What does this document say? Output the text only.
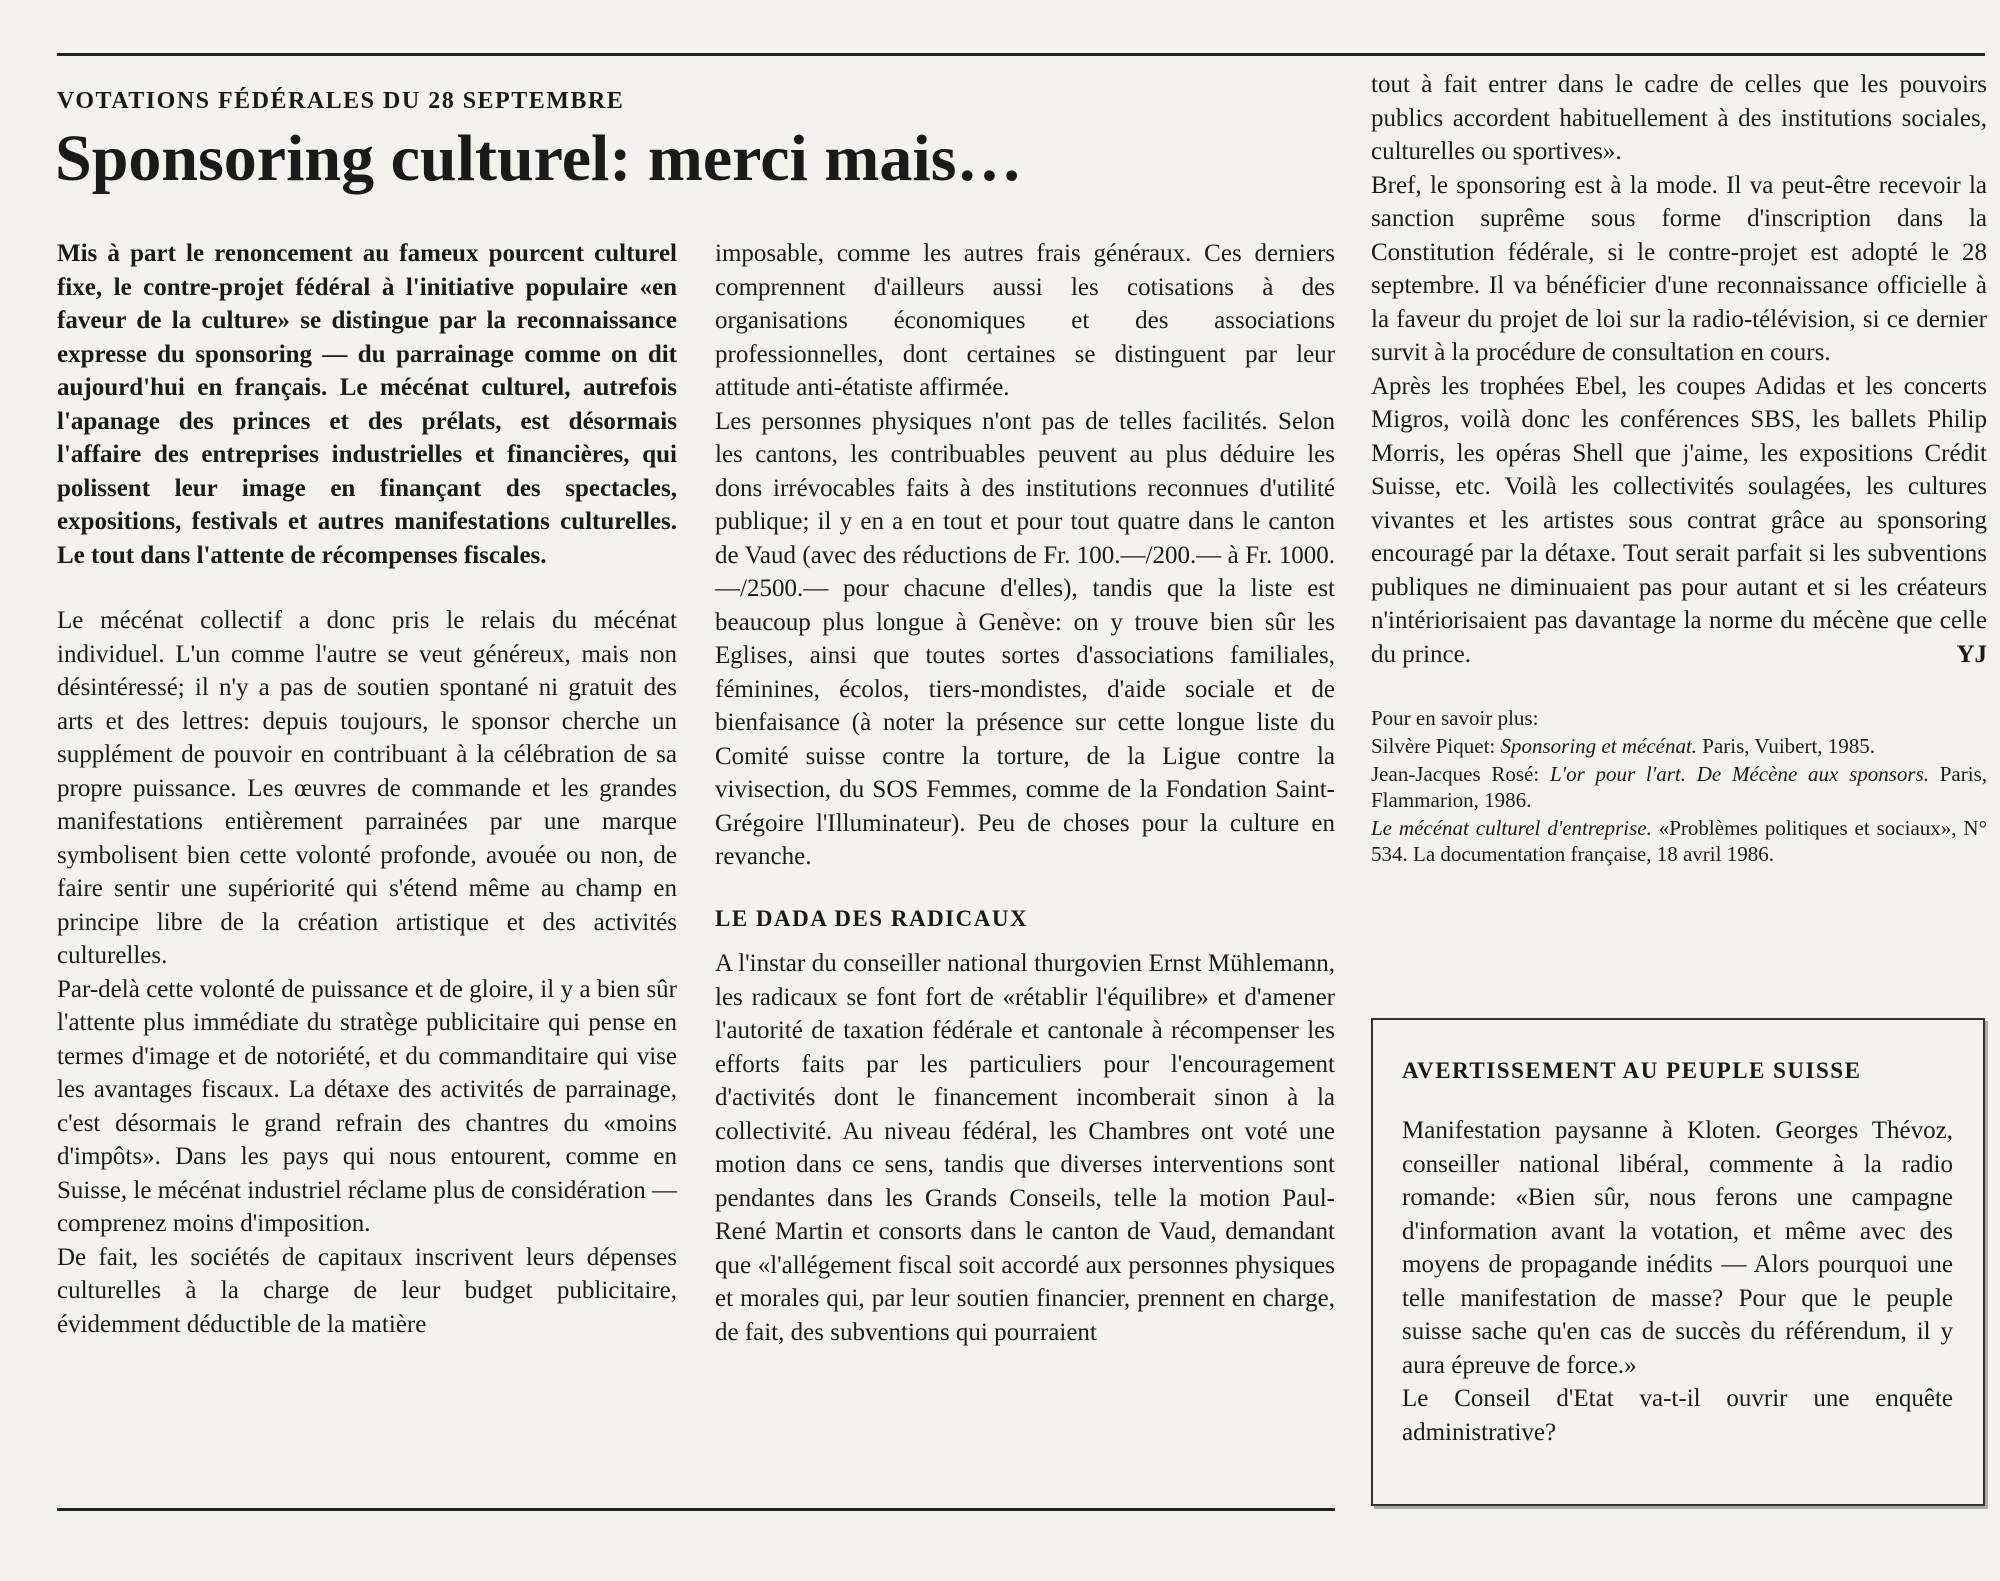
VOTATIONS FÉDÉRALES DU 28 SEPTEMBRE
Sponsoring culturel: merci mais…

Mis à part le renoncement au fameux pourcent culturel fixe, le contre-projet fédéral à l'initiative populaire «en faveur de la culture» se distingue par la reconnaissance expresse du sponsoring — du parrainage comme on dit aujourd'hui en français. Le mécénat culturel, autrefois l'apanage des princes et des prélats, est désormais l'affaire des entreprises industrielles et financières, qui polissent leur image en finançant des spectacles, expositions, festivals et autres manifestations culturelles. Le tout dans l'attente de récompenses fiscales.

Le mécénat collectif a donc pris le relais du mécénat individuel. L'un comme l'autre se veut généreux, mais non désintéressé; il n'y a pas de soutien spontané ni gratuit des arts et des lettres: depuis toujours, le sponsor cherche un supplément de pouvoir en contribuant à la célébration de sa propre puissance. Les œuvres de commande et les grandes manifestations entièrement parrainées par une marque symbolisent bien cette volonté profonde, avouée ou non, de faire sentir une supériorité qui s'étend même au champ en principe libre de la création artistique et des activités culturelles.

Par-delà cette volonté de puissance et de gloire, il y a bien sûr l'attente plus immédiate du stratège publicitaire qui pense en termes d'image et de notoriété, et du commanditaire qui vise les avantages fiscaux. La détaxe des activités de parrainage, c'est désormais le grand refrain des chantres du «moins d'impôts». Dans les pays qui nous entourent, comme en Suisse, le mécénat industriel réclame plus de considération — comprenez moins d'imposition.

De fait, les sociétés de capitaux inscrivent leurs dépenses culturelles à la charge de leur budget publicitaire, évidemment déductible de la matière

imposable, comme les autres frais généraux. Ces derniers comprennent d'ailleurs aussi les cotisations à des organisations économiques et des associations professionnelles, dont certaines se distinguent par leur attitude anti-étatiste affirmée.

Les personnes physiques n'ont pas de telles facilités. Selon les cantons, les contribuables peuvent au plus déduire les dons irrévocables faits à des institutions reconnues d'utilité publique; il y en a en tout et pour tout quatre dans le canton de Vaud (avec des réductions de Fr. 100.—/200.— à Fr. 1000.—/2500.— pour chacune d'elles), tandis que la liste est beaucoup plus longue à Genève: on y trouve bien sûr les Eglises, ainsi que toutes sortes d'associations familiales, féminines, écolos, tiers-mondistes, d'aide sociale et de bienfaisance (à noter la présence sur cette longue liste du Comité suisse contre la torture, de la Ligue contre la vivisection, du SOS Femmes, comme de la Fondation Saint-Grégoire l'Illuminateur). Peu de choses pour la culture en revanche.

LE DADA DES RADICAUX

A l'instar du conseiller national thurgovien Ernst Mühlemann, les radicaux se font fort de «rétablir l'équilibre» et d'amener l'autorité de taxation fédérale et cantonale à récompenser les efforts faits par les particuliers pour l'encouragement d'activités dont le financement incomberait sinon à la collectivité. Au niveau fédéral, les Chambres ont voté une motion dans ce sens, tandis que diverses interventions sont pendantes dans les Grands Conseils, telle la motion Paul-René Martin et consorts dans le canton de Vaud, demandant que «l'allégement fiscal soit accordé aux personnes physiques et morales qui, par leur soutien financier, prennent en charge, de fait, des subventions qui pourraient

tout à fait entrer dans le cadre de celles que les pouvoirs publics accordent habituellement à des institutions sociales, culturelles ou sportives».

Bref, le sponsoring est à la mode. Il va peut-être recevoir la sanction suprême sous forme d'inscription dans la Constitution fédérale, si le contre-projet est adopté le 28 septembre. Il va bénéficier d'une reconnaissance officielle à la faveur du projet de loi sur la radio-télévision, si ce dernier survit à la procédure de consultation en cours.

Après les trophées Ebel, les coupes Adidas et les concerts Migros, voilà donc les conférences SBS, les ballets Philip Morris, les opéras Shell que j'aime, les expositions Crédit Suisse, etc. Voilà les collectivités soulagées, les cultures vivantes et les artistes sous contrat grâce au sponsoring encouragé par la détaxe. Tout serait parfait si les subventions publiques ne diminuaient pas pour autant et si les créateurs n'intériorisaient pas davantage la norme du mécène que celle du prince.	YJ

Pour en savoir plus:

Silvère Piquet: Sponsoring et mécénat. Paris, Vuibert, 1985.

Jean-Jacques Rosé: L'or pour l'art. De Mécène aux sponsors. Paris, Flammarion, 1986.

Le mécénat culturel d'entreprise. «Problèmes politiques et sociaux», N° 534. La documentation française, 18 avril 1986.

AVERTISSEMENT AU PEUPLE SUISSE

Manifestation paysanne à Kloten. Georges Thévoz, conseiller national libéral, commente à la radio romande: «Bien sûr, nous ferons une campagne d'information avant la votation, et même avec des moyens de propagande inédits — Alors pourquoi une telle manifestation de masse? Pour que le peuple suisse sache qu'en cas de succès du référendum, il y aura épreuve de force.»

Le Conseil d'Etat va-t-il ouvrir une enquête administrative?
